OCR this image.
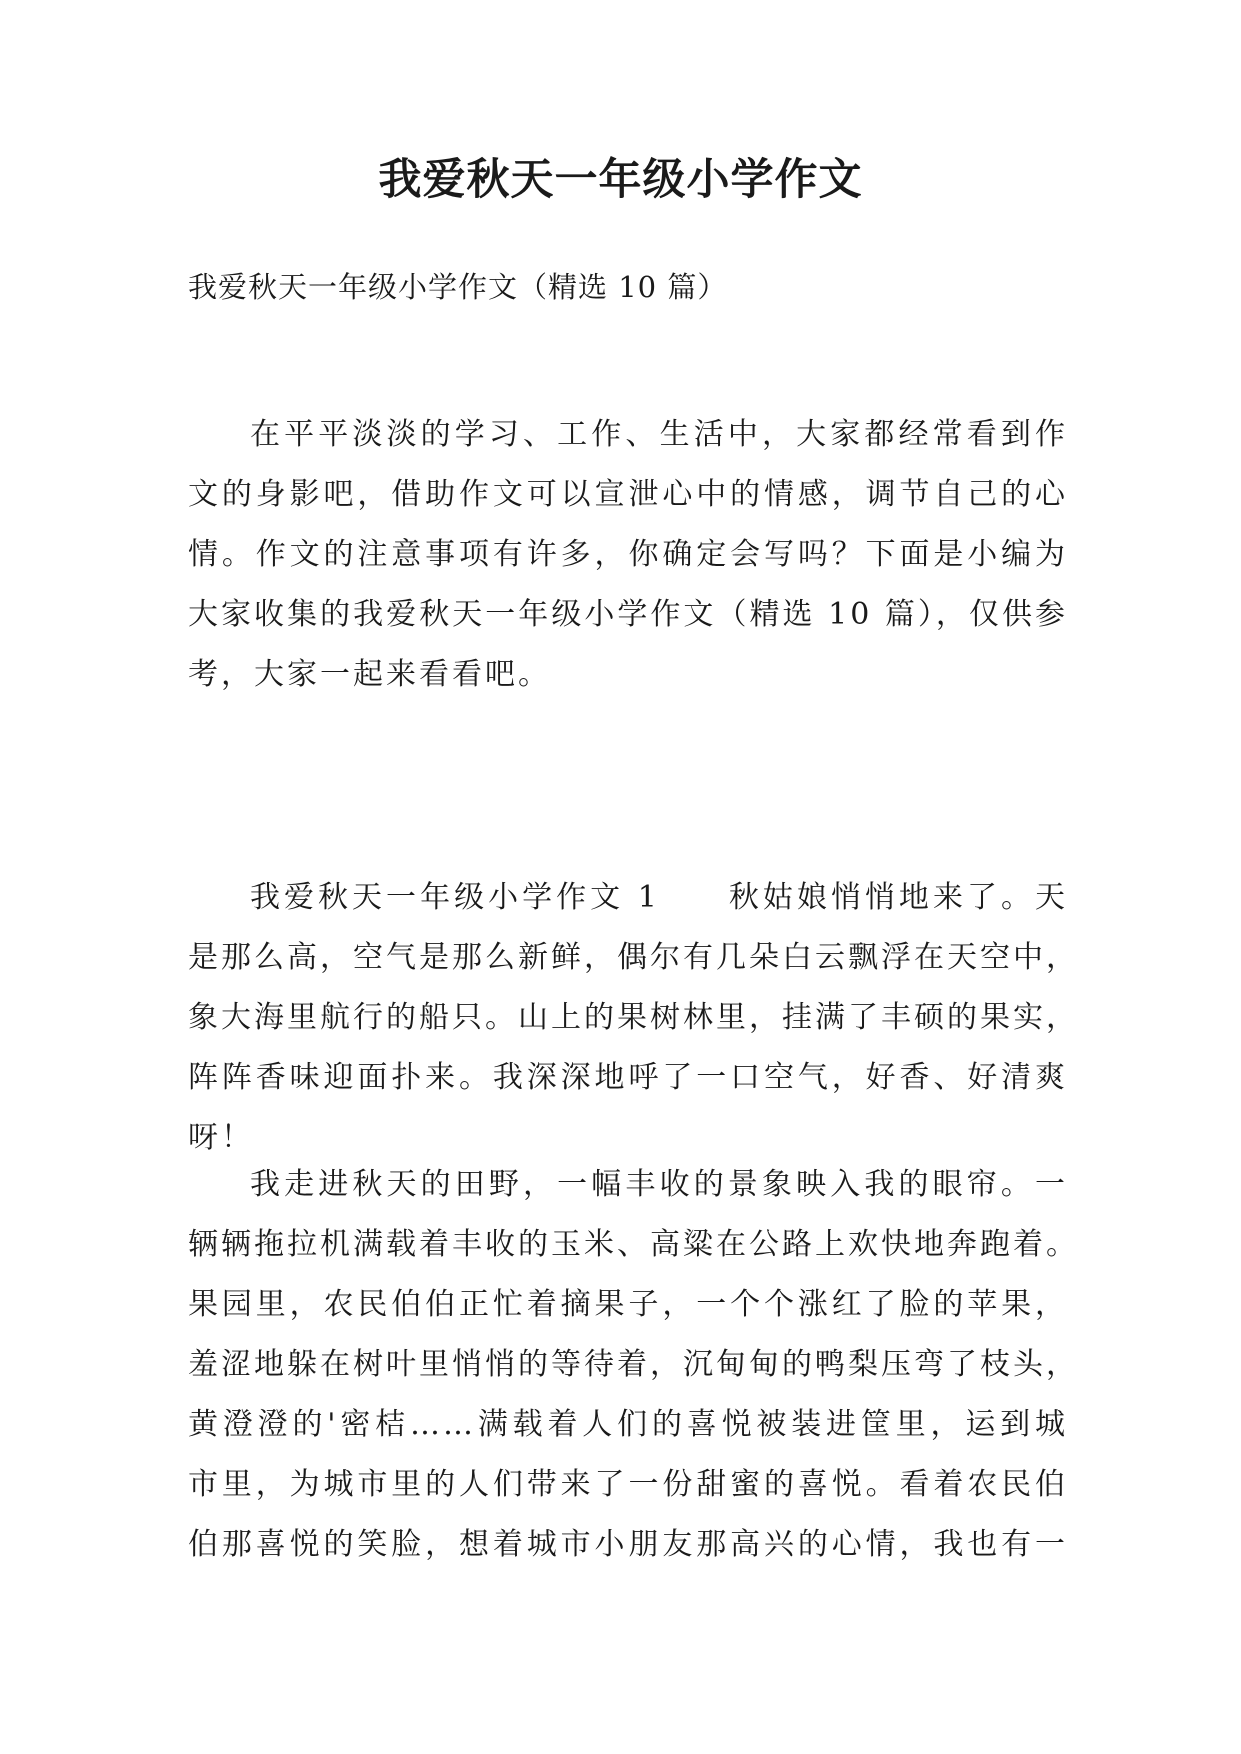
我爱秋天一年级小学作文

我爱秋天一年级小学作文（精选 10 篇）

在平平淡淡的学习、工作、生活中，大家都经常看到作
文的身影吧，借助作文可以宣泄心中的情感，调节自己的心
情。作文的注意事项有许多，你确定会写吗？下面是小编为
大家收集的我爱秋天一年级小学作文（精选 10 篇），仅供参
考，大家一起来看看吧。
我爱秋天一年级小学作文 1　　秋姑娘悄悄地来了。天
是那么高，空气是那么新鲜，偶尔有几朵白云飘浮在天空中，
象大海里航行的船只。山上的果树林里，挂满了丰硕的果实，
阵阵香味迎面扑来。我深深地呼了一口空气，好香、好清爽
呀！
我走进秋天的田野，一幅丰收的景象映入我的眼帘。一
辆辆拖拉机满载着丰收的玉米、高粱在公路上欢快地奔跑着。
果园里，农民伯伯正忙着摘果子，一个个涨红了脸的苹果，
羞涩地躲在树叶里悄悄的等待着，沉甸甸的鸭梨压弯了枝头，
黄澄澄的'密桔……满载着人们的喜悦被装进筐里，运到城
市里，为城市里的人们带来了一份甜蜜的喜悦。看着农民伯
伯那喜悦的笑脸，想着城市小朋友那高兴的心情，我也有一
